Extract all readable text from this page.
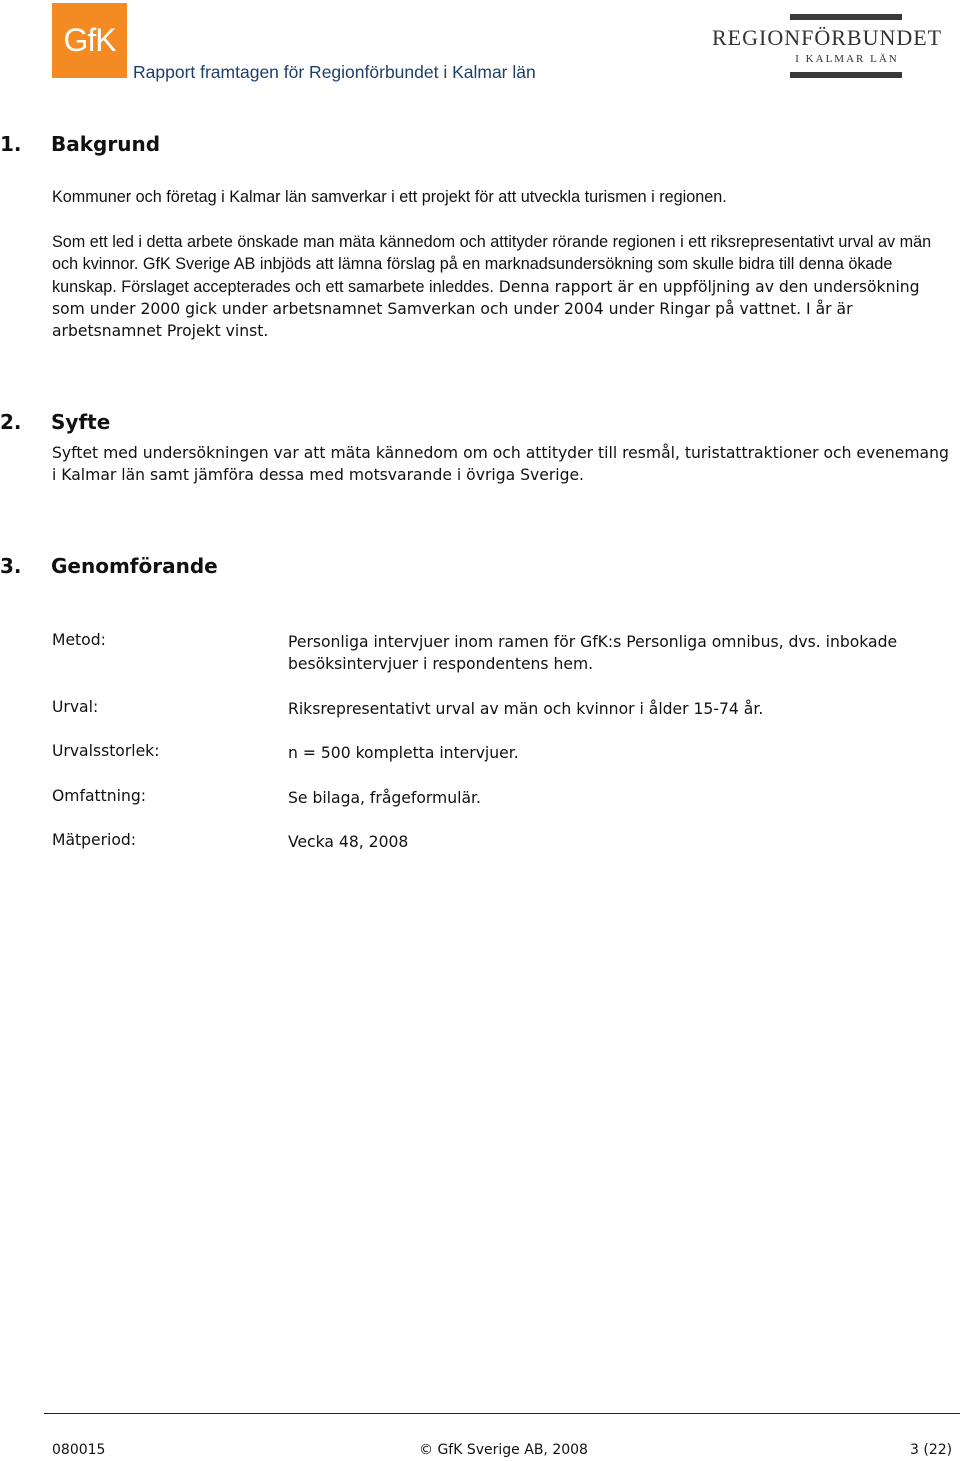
GfK
Rapport framtagen för Regionförbundet i Kalmar län
REGIONFÖRBUNDET
I KALMAR LÄN
1. Bakgrund
Kommuner och företag i Kalmar län samverkar i ett projekt för att utveckla turismen i regionen.
Som ett led i detta arbete önskade man mäta kännedom och attityder rörande regionen i ett riksrepresentativt urval av män och kvinnor. GfK Sverige AB inbjöds att lämna förslag på en marknadsundersökning som skulle bidra till denna ökade kunskap. Förslaget accepterades och ett samarbete inleddes. Denna rapport är en uppföljning av den undersökning som under 2000 gick under arbetsnamnet Samverkan och under 2004 under Ringar på vattnet. I år är arbetsnamnet Projekt vinst.
2. Syfte
Syftet med undersökningen var att mäta kännedom om och attityder till resmål, turistattraktioner och evenemang i Kalmar län samt jämföra dessa med motsvarande i övriga Sverige.
3. Genomförande
Metod:	Personliga intervjuer inom ramen för GfK:s Personliga omnibus, dvs. inbokade besöksintervjuer i respondentens hem.
Urval:	Riksrepresentativt urval av män och kvinnor i ålder 15-74 år.
Urvalsstorlek:	n = 500 kompletta intervjuer.
Omfattning:	Se bilaga, frågeformulär.
Mätperiod:	Vecka 48, 2008
080015	© GfK Sverige AB, 2008	3 (22)
